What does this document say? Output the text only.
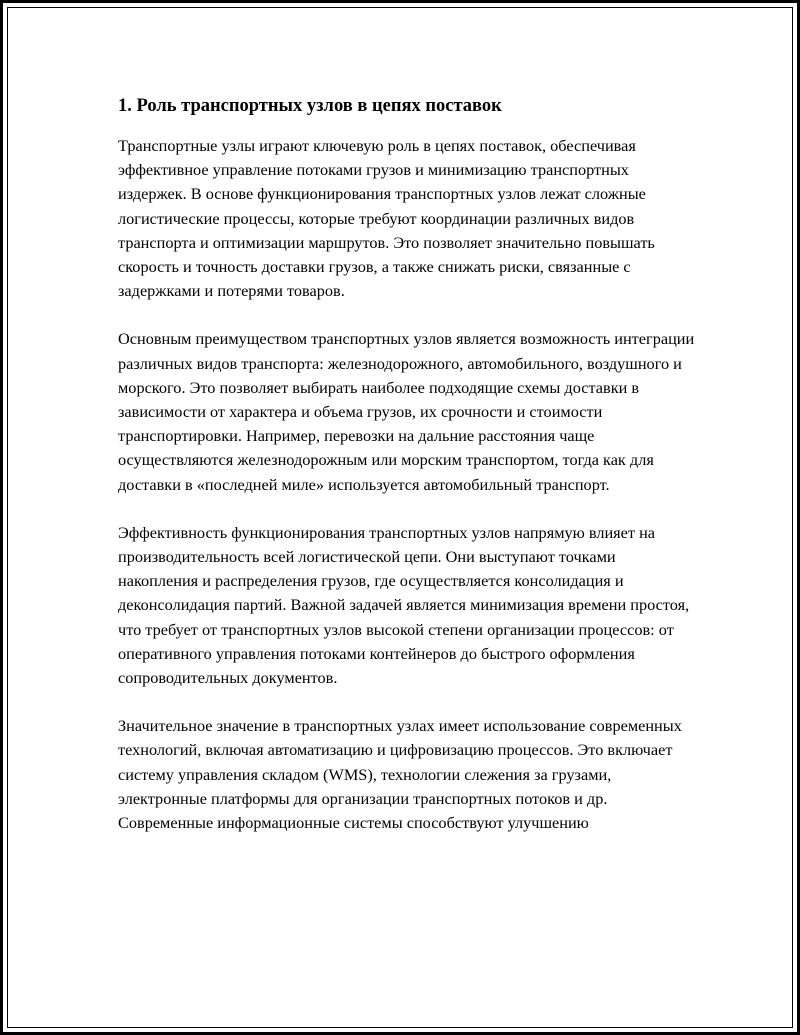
1. Роль транспортных узлов в цепях поставок

Транспортные узлы играют ключевую роль в цепях поставок, обеспечивая эффективное управление потоками грузов и минимизацию транспортных издержек. В основе функционирования транспортных узлов лежат сложные логистические процессы, которые требуют координации различных видов транспорта и оптимизации маршрутов. Это позволяет значительно повышать скорость и точность доставки грузов, а также снижать риски, связанные с задержками и потерями товаров.

Основным преимуществом транспортных узлов является возможность интеграции различных видов транспорта: железнодорожного, автомобильного, воздушного и морского. Это позволяет выбирать наиболее подходящие схемы доставки в зависимости от характера и объема грузов, их срочности и стоимости транспортировки. Например, перевозки на дальние расстояния чаще осуществляются железнодорожным или морским транспортом, тогда как для доставки в «последней миле» используется автомобильный транспорт.

Эффективность функционирования транспортных узлов напрямую влияет на производительность всей логистической цепи. Они выступают точками накопления и распределения грузов, где осуществляется консолидация и деконсолидация партий. Важной задачей является минимизация времени простоя, что требует от транспортных узлов высокой степени организации процессов: от оперативного управления потоками контейнеров до быстрого оформления сопроводительных документов.

Значительное значение в транспортных узлах имеет использование современных технологий, включая автоматизацию и цифровизацию процессов. Это включает систему управления складом (WMS), технологии слежения за грузами, электронные платформы для организации транспортных потоков и др. Современные информационные системы способствуют улучшению
